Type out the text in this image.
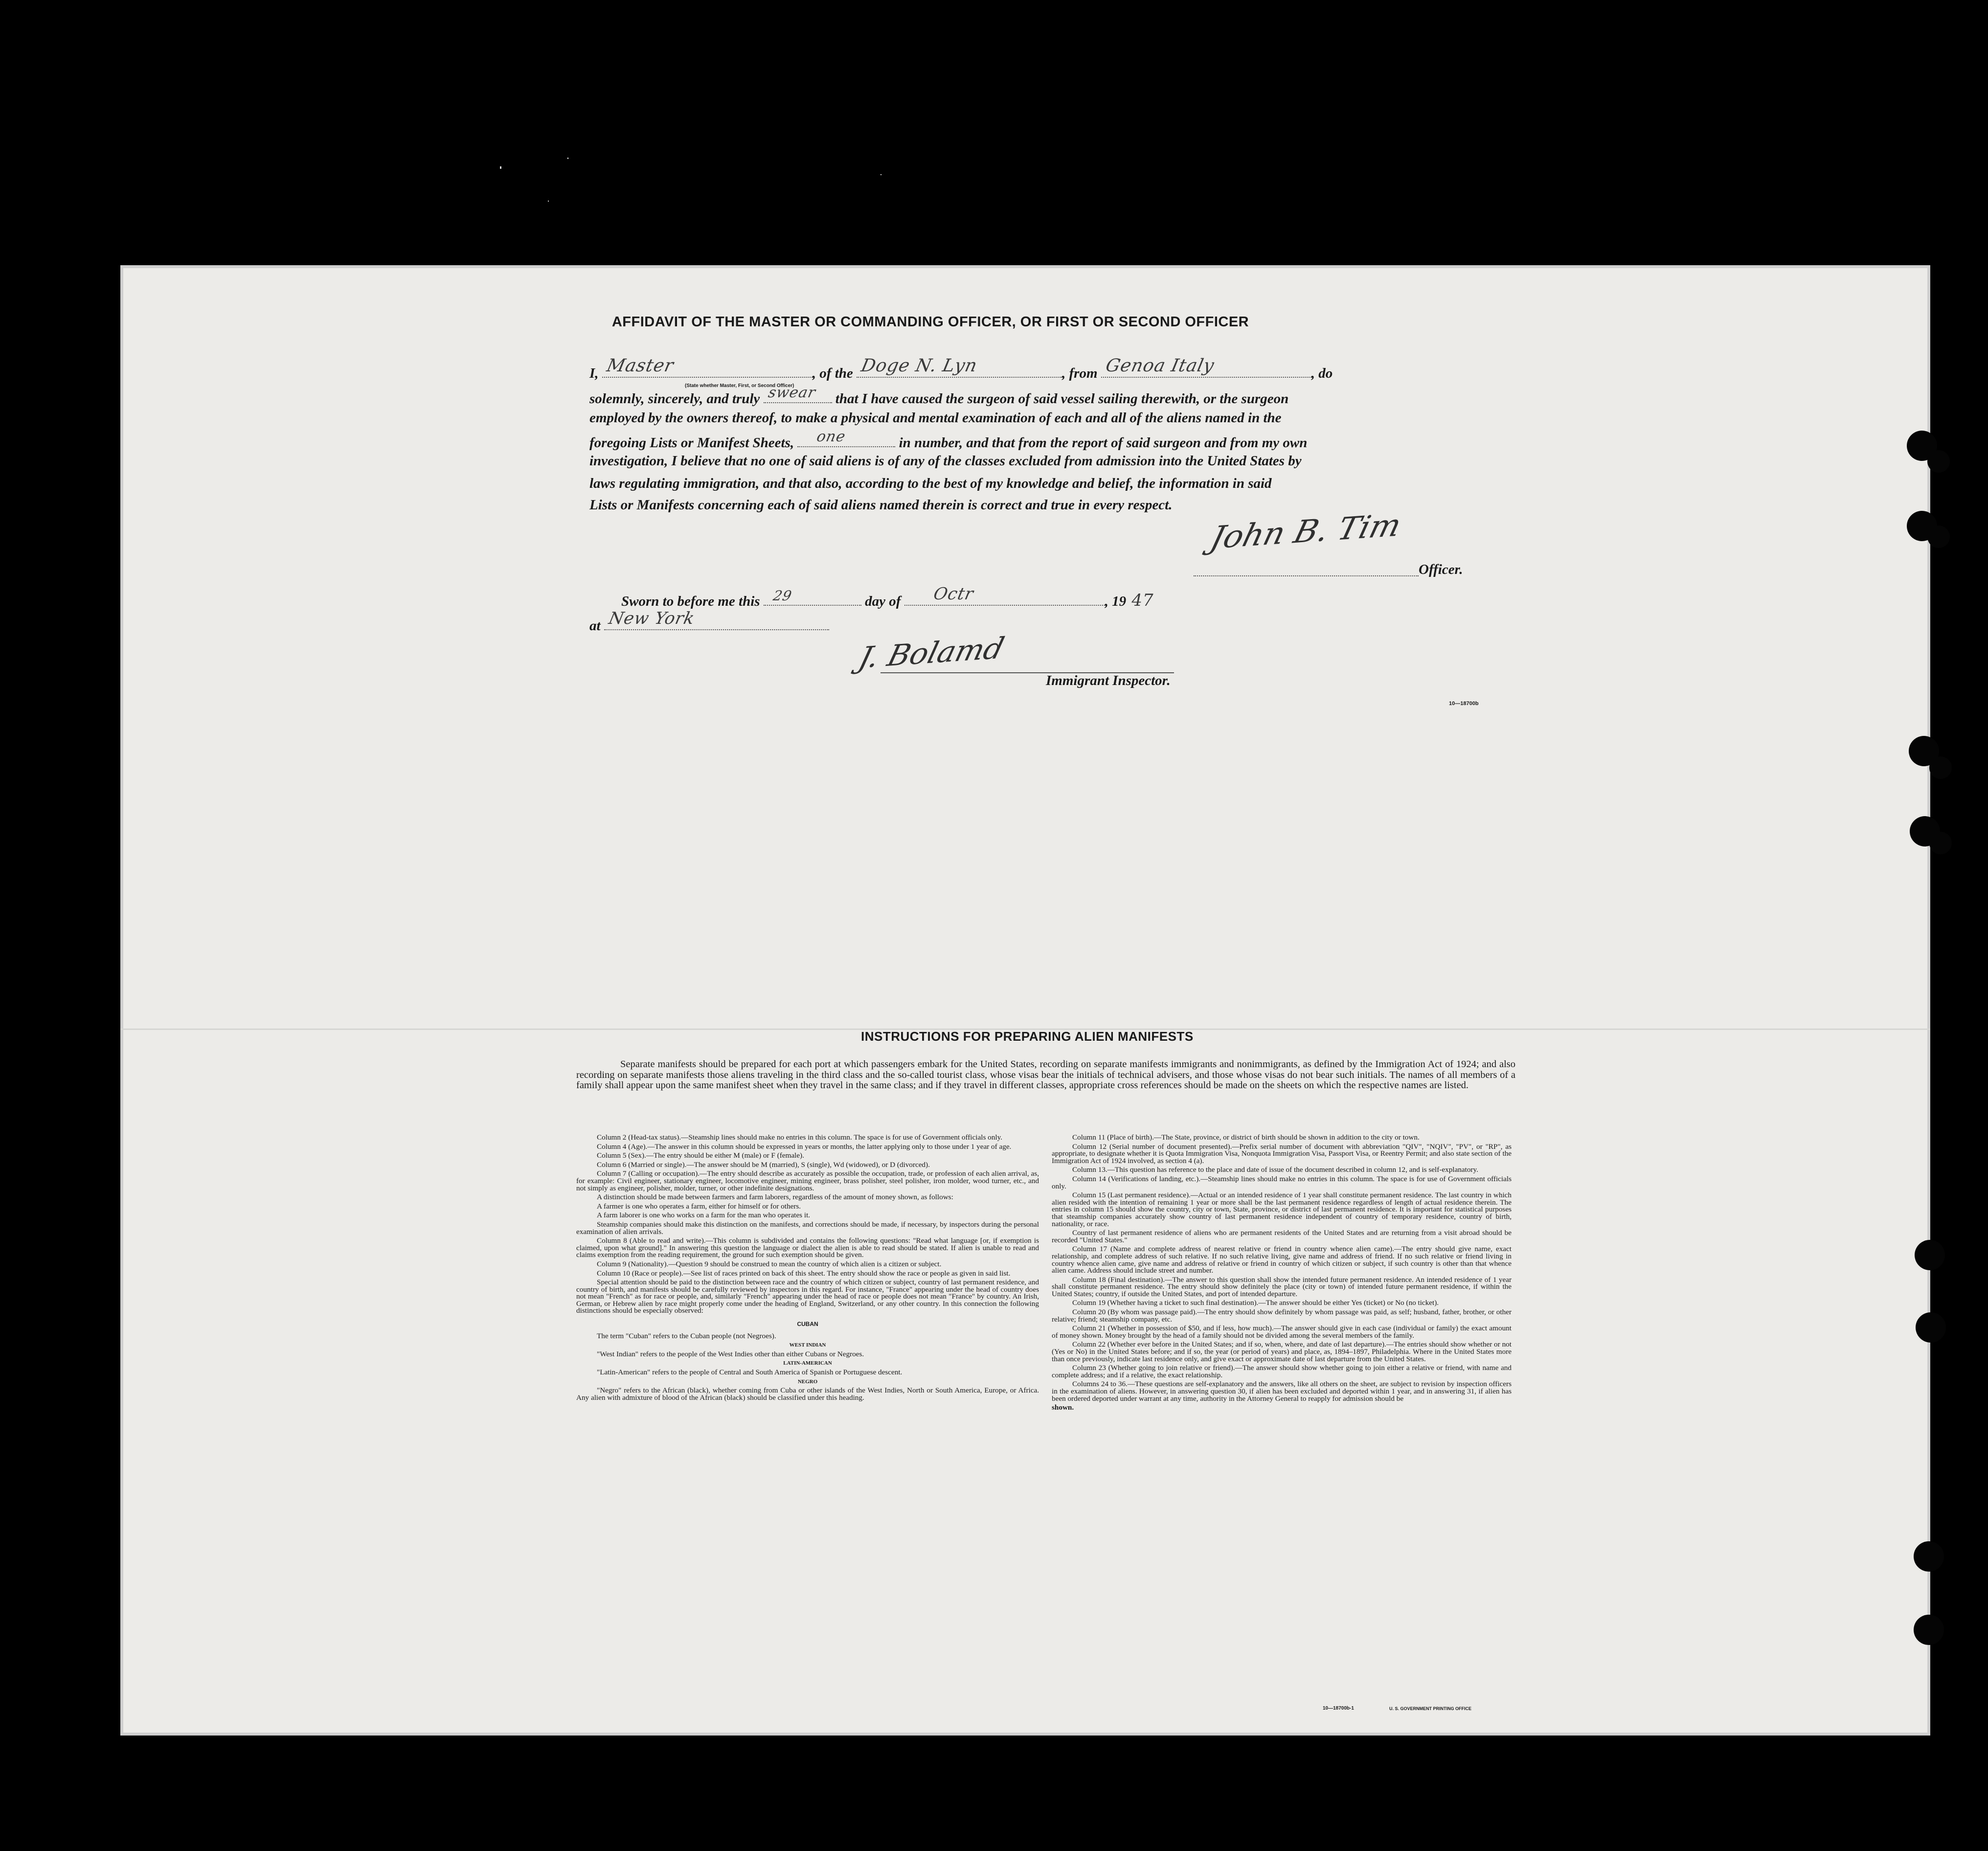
AFFIDAVIT OF THE MASTER OR COMMANDING OFFICER, OR FIRST OR SECOND OFFICER
I, Master	, of the Doge N. Lyn	, from Genoa Italy	, do
(State whether Master, First, or Second Officer)
solemnly, sincerely, and truly swear that I have caused the surgeon of said vessel sailing therewith, or the surgeon
employed by the owners thereof, to make a physical and mental examination of each and all of the aliens named in the
foregoing Lists or Manifest Sheets, one	in number, and that from the report of said surgeon and from my own
investigation, I believe that no one of said aliens is of any of the classes excluded from admission into the United States by
laws regulating immigration, and that also, according to the best of my knowledge and belief, the information in said
Lists or Manifests concerning each of said aliens named therein is correct and true in every respect.
John B. Tim
Officer.
Sworn to before me this 29	day of Octr	, 19 47
at New York
J. Bolamd
Immigrant Inspector.
10—18700b
INSTRUCTIONS FOR PREPARING ALIEN MANIFESTS
Separate manifests should be prepared for each port at which passengers embark for the United States, recording on separate manifests immigrants and nonimmigrants, as defined by the Immigration Act of 1924; and also recording on separate manifests those aliens traveling in the third class and the so-called tourist class, whose visas bear the initials of technical advisers, and those whose visas do not bear such initials. The names of all members of a family shall appear upon the same manifest sheet when they travel in the same class; and if they travel in different classes, appropriate cross references should be made on the sheets on which the respective names are listed.

Column 2 (Head-tax status).—Steamship lines should make no entries in this column. The space is for use of Government officials only.

Column 4 (Age).—The answer in this column should be expressed in years or months, the latter applying only to those under 1 year of age.

Column 5 (Sex).—The entry should be either M (male) or F (female).

Column 6 (Married or single).—The answer should be M (married), S (single), Wd (widowed), or D (divorced).

Column 7 (Calling or occupation).—The entry should describe as accurately as possible the occupation, trade, or profession of each alien arrival, as, for example: Civil engineer, stationary engineer, locomotive engineer, mining engineer, brass polisher, steel polisher, iron molder, wood turner, etc., and not simply as engineer, polisher, molder, turner, or other indefinite designations.

A distinction should be made between farmers and farm laborers, regardless of the amount of money shown, as follows:

A farmer is one who operates a farm, either for himself or for others.

A farm laborer is one who works on a farm for the man who operates it.

Steamship companies should make this distinction on the manifests, and corrections should be made, if necessary, by inspectors during the personal examination of alien arrivals.

Column 8 (Able to read and write).—This column is subdivided and contains the following questions: "Read what language [or, if exemption is claimed, upon what ground]." In answering this question the language or dialect the alien is able to read should be stated. If alien is unable to read and claims exemption from the reading requirement, the ground for such exemption should be given.

Column 9 (Nationality).—Question 9 should be construed to mean the country of which alien is a citizen or subject.

Column 10 (Race or people).—See list of races printed on back of this sheet. The entry should show the race or people as given in said list.

Special attention should be paid to the distinction between race and the country of which citizen or subject, country of last permanent residence, and country of birth, and manifests should be carefully reviewed by inspectors in this regard. For instance, "France" appearing under the head of country does not mean "French" as for race or people, and, similarly "French" appearing under the head of race or people does not mean "France" by country. An Irish, German, or Hebrew alien by race might properly come under the heading of England, Switzerland, or any other country. In this connection the following distinctions should be especially observed:

CUBAN

The term "Cuban" refers to the Cuban people (not Negroes).

WEST INDIAN

"West Indian" refers to the people of the West Indies other than either Cubans or Negroes.

LATIN-AMERICAN

"Latin-American" refers to the people of Central and South America of Spanish or Portuguese descent.

NEGRO

"Negro" refers to the African (black), whether coming from Cuba or other islands of the West Indies, North or South America, Europe, or Africa. Any alien with admixture of blood of the African (black) should be classified under this heading.

Column 11 (Place of birth).—The State, province, or district of birth should be shown in addition to the city or town.

Column 12 (Serial number of document presented).—Prefix serial number of document with abbreviation "QIV", "NQIV", "PV", or "RP", as appropriate, to designate whether it is Quota Immigration Visa, Nonquota Immigration Visa, Passport Visa, or Reentry Permit; and also state section of the Immigration Act of 1924 involved, as section 4 (a).

Column 13.—This question has reference to the place and date of issue of the document described in column 12, and is self-explanatory.

Column 14 (Verifications of landing, etc.).—Steamship lines should make no entries in this column. The space is for use of Government officials only.

Column 15 (Last permanent residence).—Actual or an intended residence of 1 year shall constitute permanent residence. The last country in which alien resided with the intention of remaining 1 year or more shall be the last permanent residence regardless of length of actual residence therein. The entries in column 15 should show the country, city or town, State, province, or district of last permanent residence. It is important for statistical purposes that steamship companies accurately show country of last permanent residence independent of country of temporary residence, country of birth, nationality, or race.

Country of last permanent residence of aliens who are permanent residents of the United States and are returning from a visit abroad should be recorded "United States."

Column 17 (Name and complete address of nearest relative or friend in country whence alien came).—The entry should give name, exact relationship, and complete address of such relative. If no such relative living, give name and address of friend. If no such relative or friend living in country whence alien came, give name and address of relative or friend in country of which citizen or subject, if such country is other than that whence alien came. Address should include street and number.

Column 18 (Final destination).—The answer to this question shall show the intended future permanent residence. An intended residence of 1 year shall constitute permanent residence. The entry should show definitely the place (city or town) of intended future permanent residence, if within the United States; country, if outside the United States, and port of intended departure.

Column 19 (Whether having a ticket to such final destination).—The answer should be either Yes (ticket) or No (no ticket).

Column 20 (By whom was passage paid).—The entry should show definitely by whom passage was paid, as self; husband, father, brother, or other relative; friend; steamship company, etc.

Column 21 (Whether in possession of $50, and if less, how much).—The answer should give in each case (individual or family) the exact amount of money shown. Money brought by the head of a family should not be divided among the several members of the family.

Column 22 (Whether ever before in the United States; and if so, when, where, and date of last departure).—The entries should show whether or not (Yes or No) in the United States before; and if so, the year (or period of years) and place, as, 1894–1897, Philadelphia. Where in the United States more than once previously, indicate last residence only, and give exact or approximate date of last departure from the United States.

Column 23 (Whether going to join relative or friend).—The answer should show whether going to join either a relative or friend, with name and complete address; and if a relative, the exact relationship.

Columns 24 to 36.—These questions are self-explanatory and the answers, like all others on the sheet, are subject to revision by inspection officers in the examination of aliens. However, in answering question 30, if alien has been excluded and deported within 1 year, and in answering 31, if alien has been ordered deported under warrant at any time, authority in the Attorney General to reapply for admission should be

shown.

10—18700b-1	U. S. GOVERNMENT PRINTING OFFICE
